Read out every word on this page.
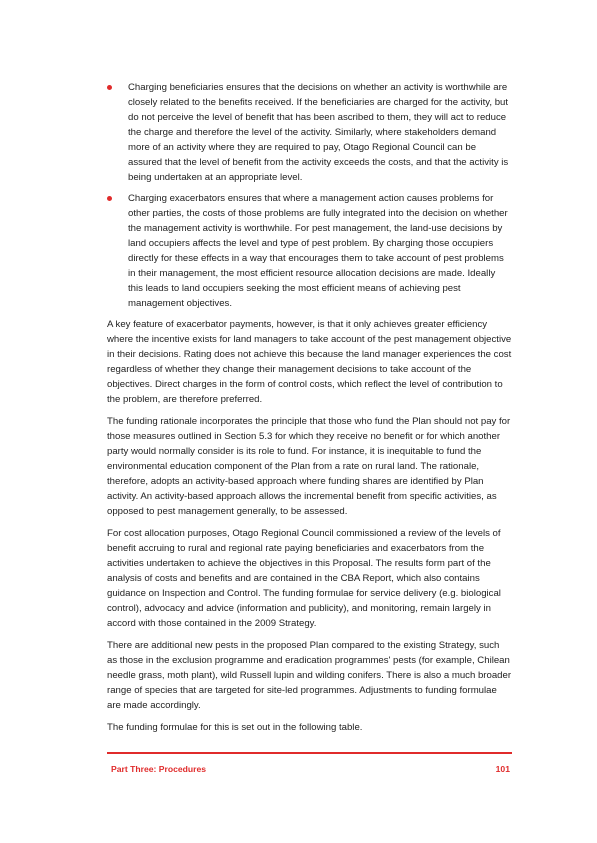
Charging beneficiaries ensures that the decisions on whether an activity is worthwhile are closely related to the benefits received. If the beneficiaries are charged for the activity, but do not perceive the level of benefit that has been ascribed to them, they will act to reduce the charge and therefore the level of the activity. Similarly, where stakeholders demand more of an activity where they are required to pay, Otago Regional Council can be assured that the level of benefit from the activity exceeds the costs, and that the activity is being undertaken at an appropriate level.
Charging exacerbators ensures that where a management action causes problems for other parties, the costs of those problems are fully integrated into the decision on whether the management activity is worthwhile. For pest management, the land-use decisions by land occupiers affects the level and type of pest problem. By charging those occupiers directly for these effects in a way that encourages them to take account of pest problems in their management, the most efficient resource allocation decisions are made. Ideally this leads to land occupiers seeking the most efficient means of achieving pest management objectives.

A key feature of exacerbator payments, however, is that it only achieves greater efficiency where the incentive exists for land managers to take account of the pest management objective in their decisions. Rating does not achieve this because the land manager experiences the cost regardless of whether they change their management decisions to take account of the objectives. Direct charges in the form of control costs, which reflect the level of contribution to the problem, are therefore preferred.

The funding rationale incorporates the principle that those who fund the Plan should not pay for those measures outlined in Section 5.3 for which they receive no benefit or for which another party would normally consider is its role to fund. For instance, it is inequitable to fund the environmental education component of the Plan from a rate on rural land. The rationale, therefore, adopts an activity-based approach where funding shares are identified by Plan activity. An activity-based approach allows the incremental benefit from specific activities, as opposed to pest management generally, to be assessed.

For cost allocation purposes, Otago Regional Council commissioned a review of the levels of benefit accruing to rural and regional rate paying beneficiaries and exacerbators from the activities undertaken to achieve the objectives in this Proposal. The results form part of the analysis of costs and benefits and are contained in the CBA Report, which also contains guidance on Inspection and Control. The funding formulae for service delivery (e.g. biological control), advocacy and advice (information and publicity), and monitoring, remain largely in accord with those contained in the 2009 Strategy.

There are additional new pests in the proposed Plan compared to the existing Strategy, such as those in the exclusion programme and eradication programmes' pests (for example, Chilean needle grass, moth plant), wild Russell lupin and wilding conifers. There is also a much broader range of species that are targeted for site-led programmes. Adjustments to funding formulae are made accordingly.

The funding formulae for this is set out in the following table.

Part Three: Procedures	101
